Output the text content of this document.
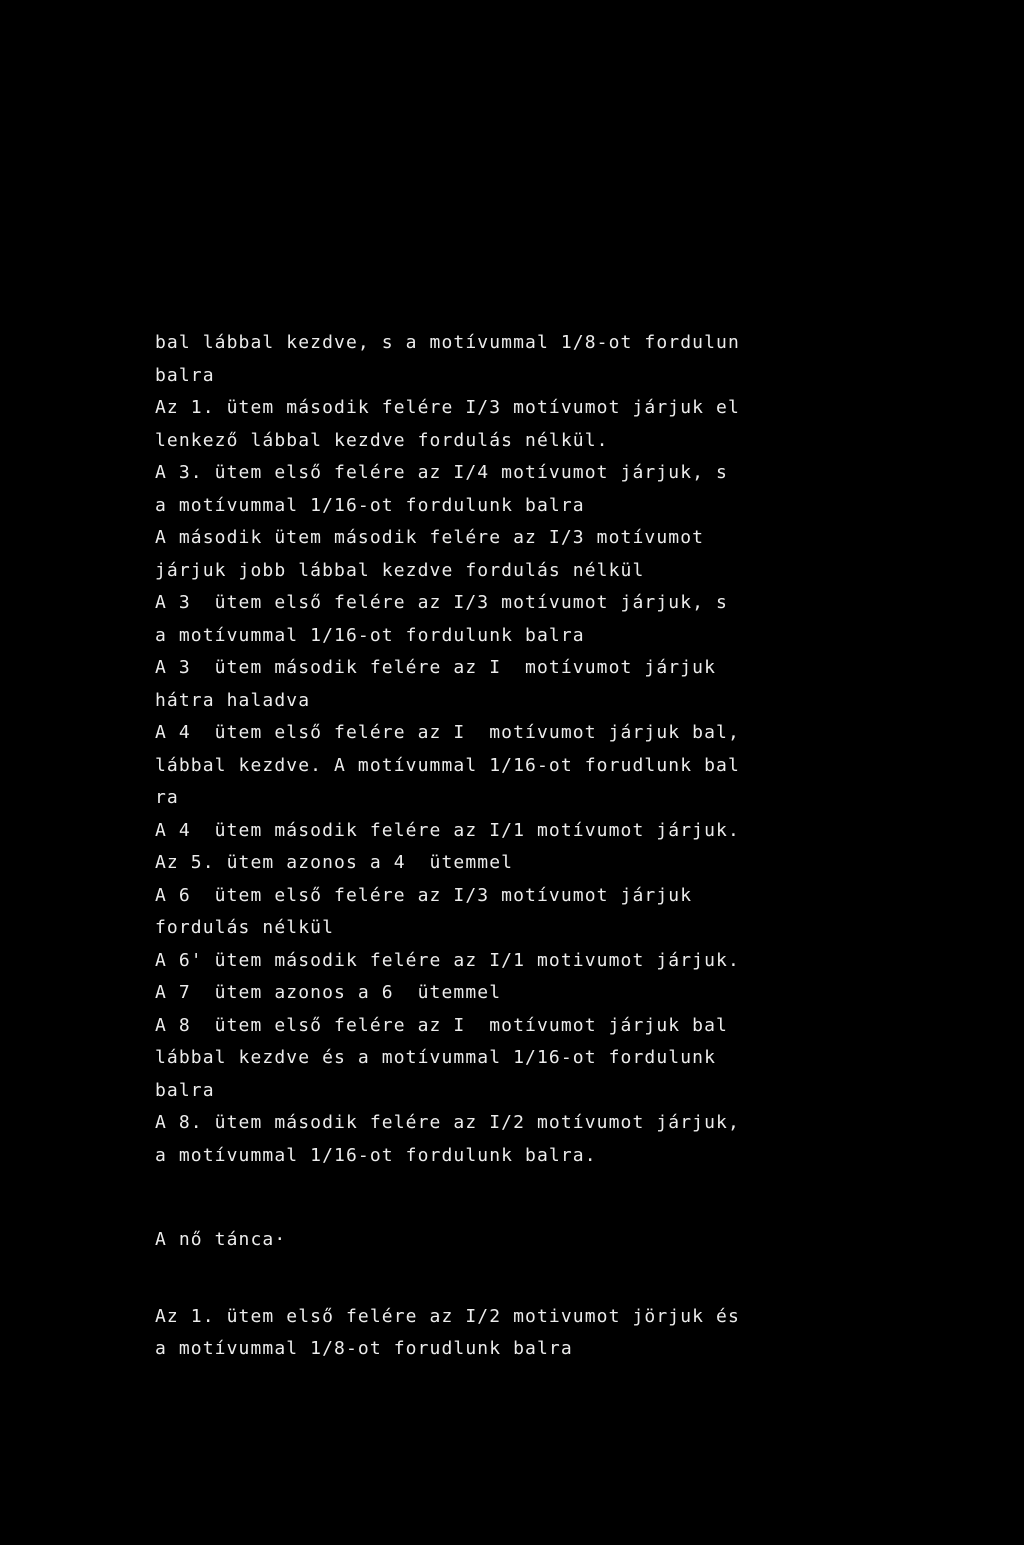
bal lábbal kezdve, s a motívummal 1/8-ot fordulun
balra
Az 1. ütem második felére I/3 motívumot járjuk el
lenkező lábbal kezdve fordulás nélkül.
A 3. ütem első felére az I/4 motívumot járjuk, s
a motívummal 1/16-ot fordulunk balra
A második ütem második felére az I/3 motívumot
járjuk jobb lábbal kezdve fordulás nélkül
A 3  ütem első felére az I/3 motívumot járjuk, s
a motívummal 1/16-ot fordulunk balra
A 3  ütem második felére az I  motívumot járjuk
hátra haladva
A 4  ütem első felére az I  motívumot járjuk bal,
lábbal kezdve. A motívummal 1/16-ot forudlunk bal
ra
A 4  ütem második felére az I/1 motívumot járjuk.
Az 5. ütem azonos a 4  ütemmel
A 6  ütem első felére az I/3 motívumot járjuk
fordulás nélkül
A 6' ütem második felére az I/1 motivumot járjuk.
A 7  ütem azonos a 6  ütemmel
A 8  ütem első felére az I  motívumot járjuk bal
lábbal kezdve és a motívummal 1/16-ot fordulunk
balra
A 8. ütem második felére az I/2 motívumot járjuk,
a motívummal 1/16-ot fordulunk balra.
A nő tánca·
Az 1. ütem első felére az I/2 motivumot jörjuk és
a motívummal 1/8-ot forudlunk balra
